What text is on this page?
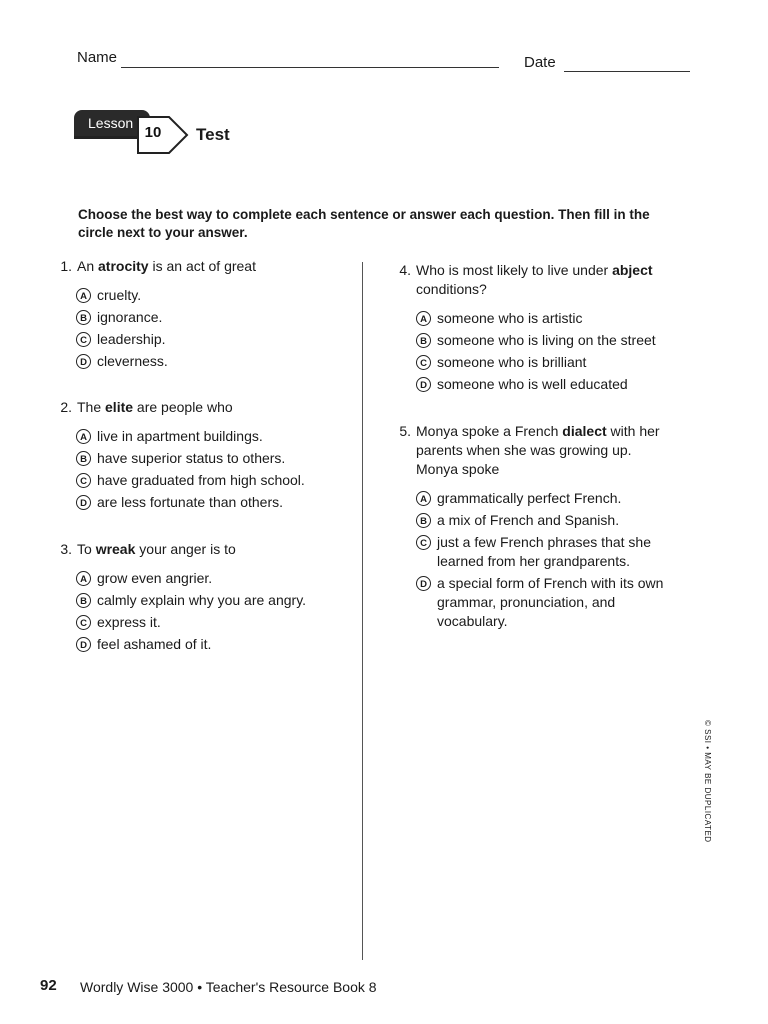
Name	Date
Lesson
10 Test
Choose the best way to complete each sentence or answer each question. Then fill in the circle next to your answer.
1. An atrocity is an act of great
A cruelty.
B ignorance.
C leadership.
D cleverness.
2. The elite are people who
A live in apartment buildings.
B have superior status to others.
C have graduated from high school.
D are less fortunate than others.
3. To wreak your anger is to
A grow even angrier.
B calmly explain why you are angry.
C express it.
D feel ashamed of it.
4. Who is most likely to live under abject conditions?
A someone who is artistic
B someone who is living on the street
C someone who is brilliant
D someone who is well educated
5. Monya spoke a French dialect with her parents when she was growing up.
Monya spoke
A grammatically perfect French.
B a mix of French and Spanish.
C just a few French phrases that she learned from her grandparents.
D a special form of French with its own grammar, pronunciation, and vocabulary.
© SSI • MAY BE DUPLICATED
92 Wordly Wise 3000 • Teacher's Resource Book 8
